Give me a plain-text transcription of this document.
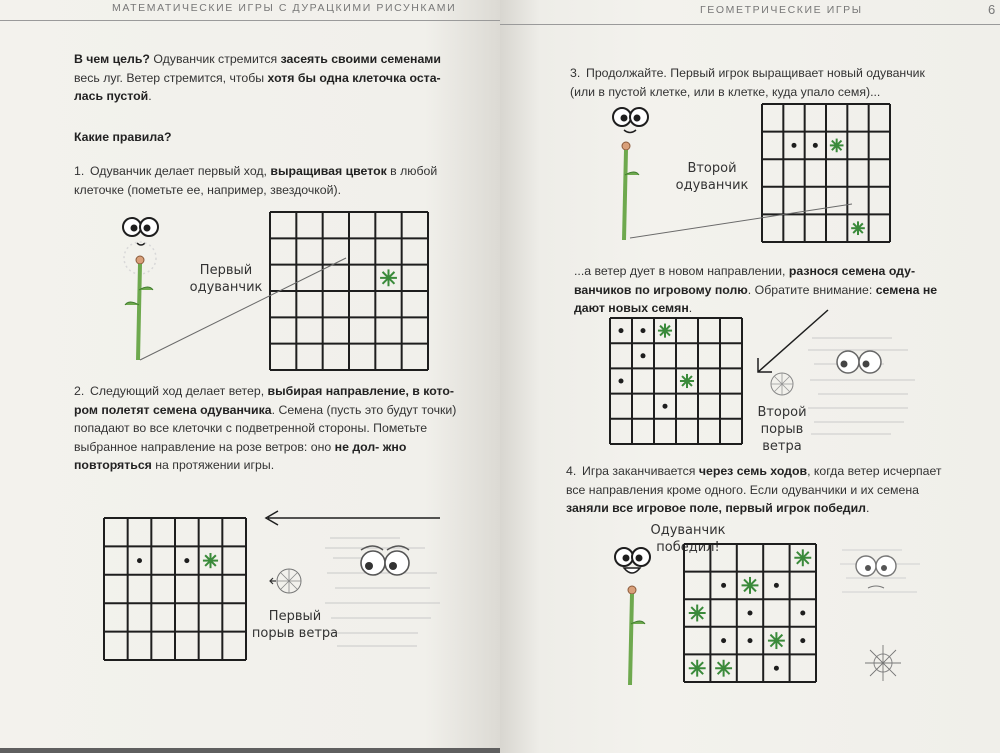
МАТЕМАТИЧЕСКИЕ ИГРЫ С ДУРАЦКИМИ РИСУНКАМИ
В чем цель? Одуванчик стремится засеять своими семенами весь луг. Ветер стремится, чтобы хотя бы одна клеточка оста- лась пустой.
Какие правила?
1. Одуванчик делает первый ход, выращивая цветок в любой клеточке (пометьте ее, например, звездочкой).
Первый одуванчик
2. Следующий ход делает ветер, выбирая направление, в кото- ром полетят семена одуванчика. Семена (пусть это будут точки) попадают во все клеточки с подветренной стороны. Пометьте выбранное направление на розе ветров: оно не дол- жно повторяться на протяжении игры.
Первый порыв ветра
ГЕОМЕТРИЧЕСКИЕ ИГРЫ	6
3. Продолжайте. Первый игрок выращивает новый одуванчик (или в пустой клетке, или в клетке, куда упало семя)...
Второй одуванчик
...а ветер дует в новом направлении, разнося семена оду- ванчиков по игровому полю. Обратите внимание: семена не дают новых семян.
Второй порыв ветра
4. Игра заканчивается через семь ходов, когда ветер исчерпает все направления кроме одного. Если одуванчики и их семена заняли все игровое поле, первый игрок победил.
Одуванчик победил!
